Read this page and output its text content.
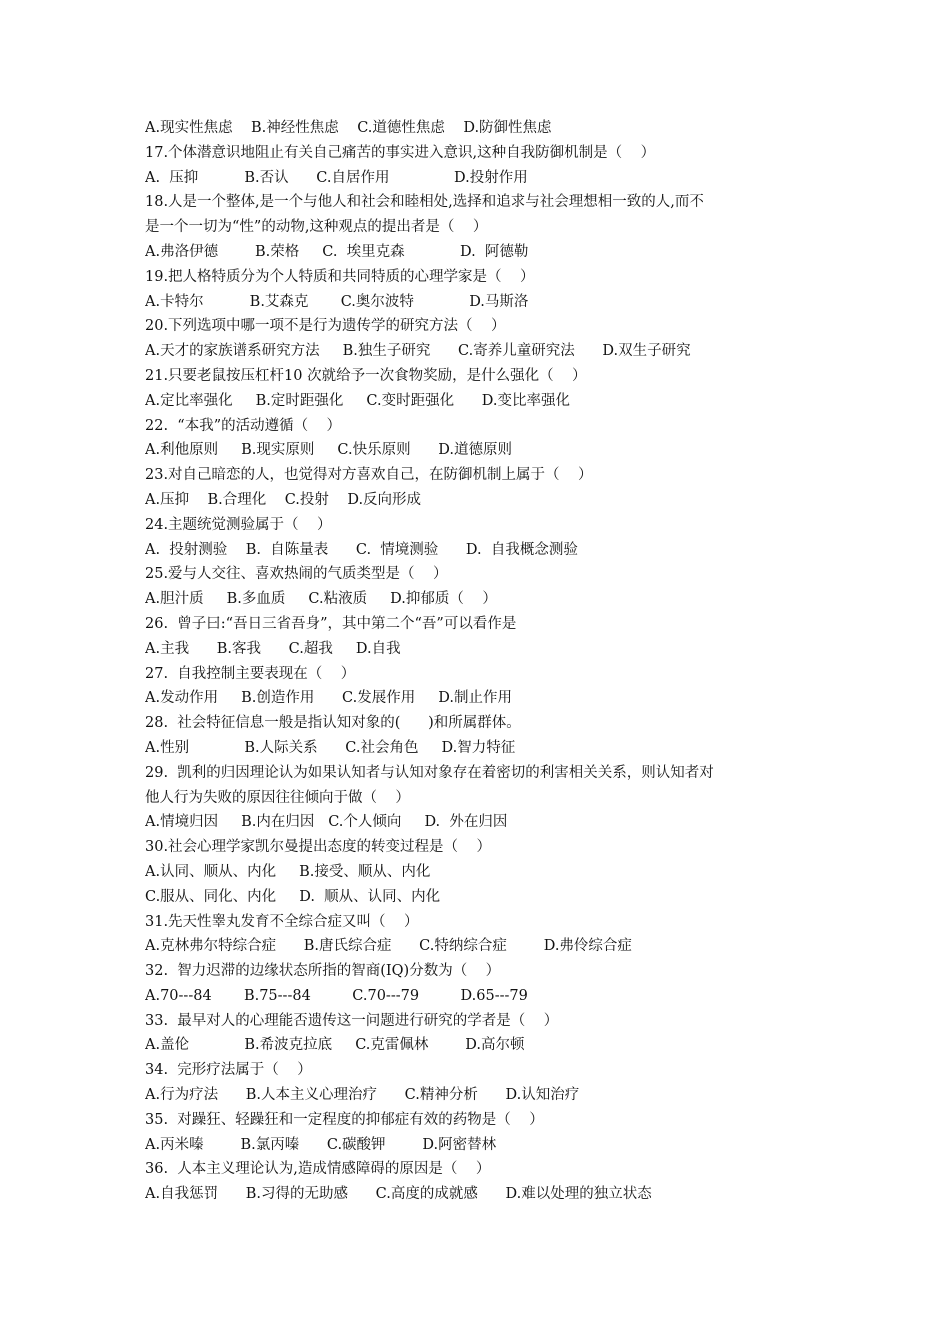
A.现实性焦虑    B.神经性焦虑    C.道德性焦虑    D.防御性焦虑
17.个体潜意识地阻止有关自己痛苦的事实进入意识,这种自我防御机制是（    ）
A.  压抑          B.否认      C.自居作用              D.投射作用
18.人是一个整体,是一个与他人和社会和睦相处,选择和追求与社会理想相一致的人,而不
是一个一切为“性”的动物,这种观点的提出者是（    ）
A.弗洛伊德        B.荣格     C.  埃里克森            D.  阿德勒
19.把人格特质分为个人特质和共同特质的心理学家是（    ）
A.卡特尔          B.艾森克       C.奥尔波特            D.马斯洛
20.下列选项中哪一项不是行为遗传学的研究方法（    ）
A.天才的家族谱系研究方法     B.独生子研究      C.寄养儿童研究法      D.双生子研究
21.只要老鼠按压杠杆10 次就给予一次食物奖励，是什么强化（    ）
A.定比率强化     B.定时距强化     C.变时距强化      D.变比率强化
22.  “本我”的活动遵循（    ）
A.利他原则     B.现实原则     C.快乐原则      D.道德原则
23.对自己暗恋的人，也觉得对方喜欢自己，在防御机制上属于（    ）
A.压抑    B.合理化    C.投射    D.反向形成
24.主题统觉测验属于（    ）
A.  投射测验    B.  自陈量表      C.  情境测验      D.  自我概念测验
25.爱与人交往、喜欢热闹的气质类型是（    ）
A.胆汁质     B.多血质     C.粘液质     D.抑郁质（    ）
26.  曾子曰:“吾日三省吾身”，其中第二个“吾”可以看作是
A.主我      B.客我      C.超我     D.自我
27.  自我控制主要表现在（    ）
A.发动作用     B.创造作用      C.发展作用     D.制止作用
28.  社会特征信息一般是指认知对象的(      )和所属群体。
A.性别            B.人际关系      C.社会角色     D.智力特征
29.  凯利的归因理论认为如果认知者与认知对象存在着密切的利害相关关系，则认知者对
他人行为失败的原因往往倾向于做（    ）
A.情境归因     B.内在归因   C.个人倾向     D.  外在归因
30.社会心理学家凯尔曼提出态度的转变过程是（    ）
A.认同、顺从、内化     B.接受、顺从、内化
C.服从、同化、内化     D.  顺从、认同、内化
31.先天性睾丸发育不全综合症又叫（    ）
A.克林弗尔特综合症      B.唐氏综合症      C.特纳综合症        D.弗伶综合症
32.  智力迟滞的边缘状态所指的智商(IQ)分数为（    ）
A.70---84       B.75---84         C.70---79         D.65---79
33.  最早对人的心理能否遗传这一问题进行研究的学者是（    ）
A.盖伦            B.希波克拉底     C.克雷佩林        D.高尔顿
34.  完形疗法属于（    ）
A.行为疗法      B.人本主义心理治疗      C.精神分析      D.认知治疗
35.  对躁狂、轻躁狂和一定程度的抑郁症有效的药物是（    ）
A.丙米嗪        B.氯丙嗪      C.碳酸钾        D.阿密替林
36.  人本主义理论认为,造成情感障碍的原因是（    ）
A.自我惩罚      B.习得的无助感      C.高度的成就感      D.难以处理的独立状态
